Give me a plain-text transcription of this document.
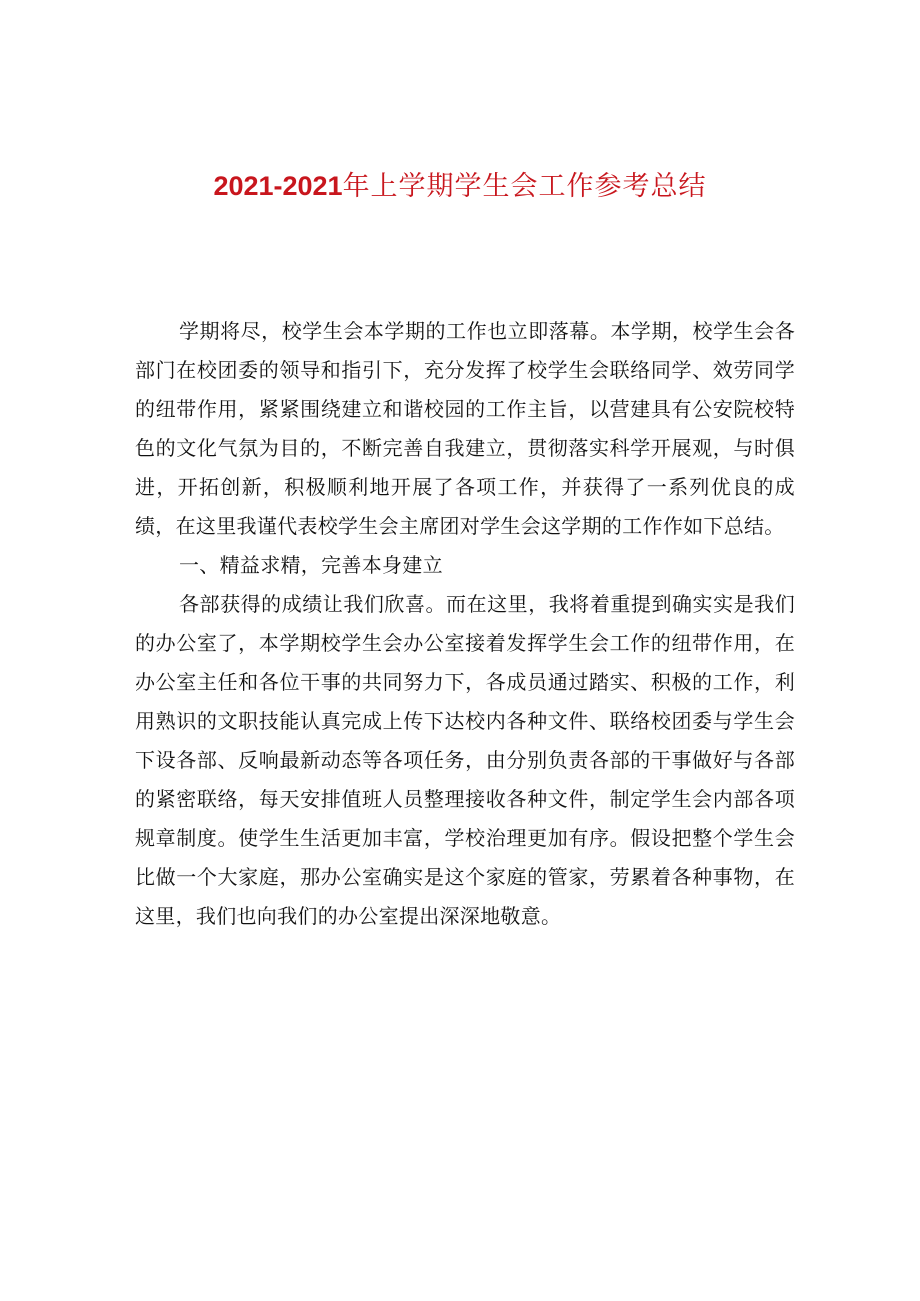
2021-2021年上学期学生会工作参考总结

学期将尽，校学生会本学期的工作也立即落幕。本学期，校学生会各部门在校团委的领导和指引下，充分发挥了校学生会联络同学、效劳同学的纽带作用，紧紧围绕建立和谐校园的工作主旨，以营建具有公安院校特色的文化气氛为目的，不断完善自我建立，贯彻落实科学开展观，与时俱进，开拓创新，积极顺利地开展了各项工作，并获得了一系列优良的成绩，在这里我谨代表校学生会主席团对学生会这学期的工作作如下总结。

一、精益求精，完善本身建立

各部获得的成绩让我们欣喜。而在这里，我将着重提到确实实是我们的办公室了，本学期校学生会办公室接着发挥学生会工作的纽带作用，在办公室主任和各位干事的共同努力下，各成员通过踏实、积极的工作，利用熟识的文职技能认真完成上传下达校内各种文件、联络校团委与学生会下设各部、反响最新动态等各项任务，由分别负责各部的干事做好与各部的紧密联络，每天安排值班人员整理接收各种文件，制定学生会内部各项规章制度。使学生生活更加丰富，学校治理更加有序。假设把整个学生会比做一个大家庭，那办公室确实是这个家庭的管家，劳累着各种事物，在这里，我们也向我们的办公室提出深深地敬意。
